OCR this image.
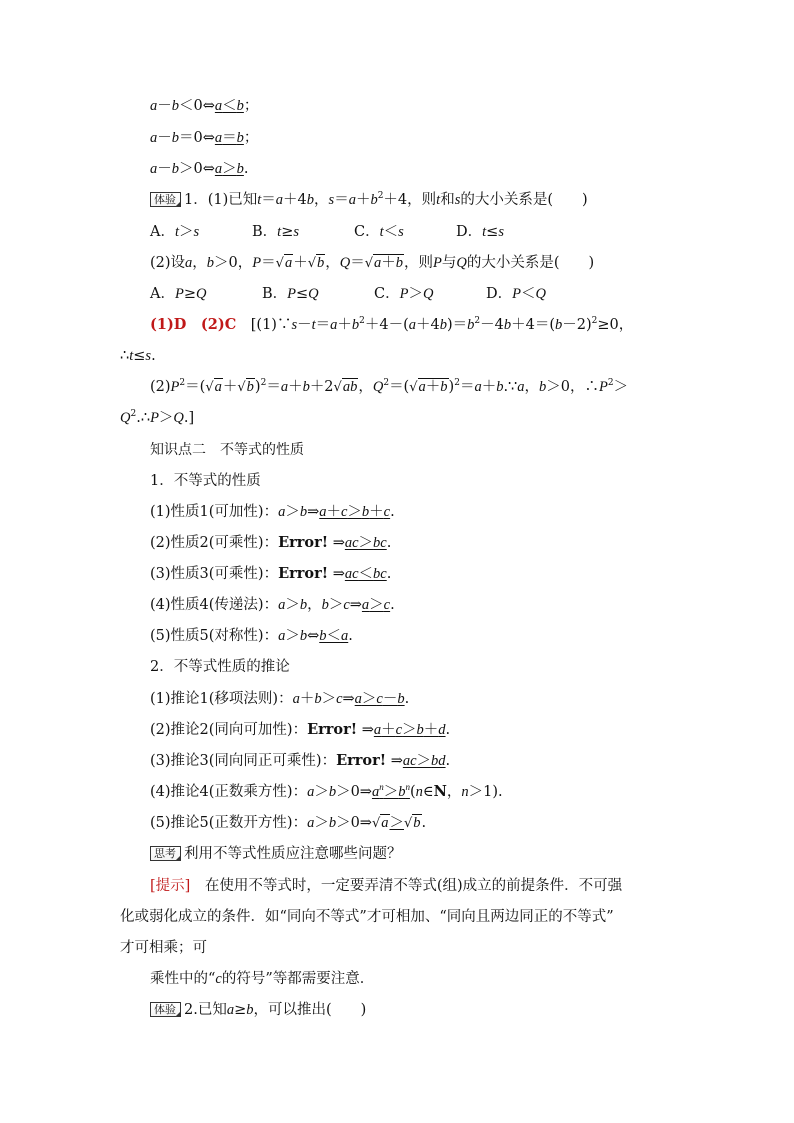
a－b＜0⇔a＜b；
a－b＝0⇔a＝b；
a－b＞0⇔a＞b.
体验 1．(1)已知t＝a＋4b，$s=a+b^2+4$，则t和s的大小关系是(　　)
A．t＞s	B．t≥s	C．t＜s	D．t≤s
(2)设a，b＞0，P＝√a＋√b，Q＝√a＋b，则P与Q的大小关系是(　　)
A．P≥Q	B．P≤Q	C．P＞Q	D．P＜Q
(1)D　(2)C　[$(1)\because s-t=a+b^2+4-(a+4b)=b^2-4b+4=(b-2)^2\ge 0$，
∴t≤s.
$(2)P^2=(√a+√b)^2=a+b+2√ab$，$Q^2=(√a+b)^2=a+b.\because a$，b＞0，$\therefore P^2>$
$Q^2.\therefore P>Q$.]
知识点二　不等式的性质
1．不等式的性质
(1)性质1(可加性)：a＞b⇒a＋c＞b＋c.
(2)性质2(可乘性)：Error! ⇒ac＞bc.
(3)性质3(可乘性)：Error! ⇒ac＜bc.
(4)性质4(传递法)：a＞b，b＞c⇒a＞c.
(5)性质5(对称性)：a＞b⇔b＜a.
2．不等式性质的推论
(1)推论1(移项法则)：a＋b＞c⇒a＞c－b.
(2)推论2(同向可加性)：Error! ⇒a＋c＞b＋d.
(3)推论3(同向同正可乘性)：Error! ⇒ac＞bd.
(4)推论4(正数乘方性)：$a>b>0\Rightarrow a^n>b^n(n\in N$，n＞1).
(5)推论5(正数开方性)：a＞b＞0⇒√a＞√b.
思考 利用不等式性质应注意哪些问题？
[提示]　 在使用不等式时，一定要弄清不等式(组)成立的前提条件．不可强
化或弱化成立的条件．如“同向不等式”才可相加、“同向且两边同正的不等式”
才可相乘；可
乘性中的“c的符号”等都需要注意．
体验 2.已知a≥b，可以推出(　　)
